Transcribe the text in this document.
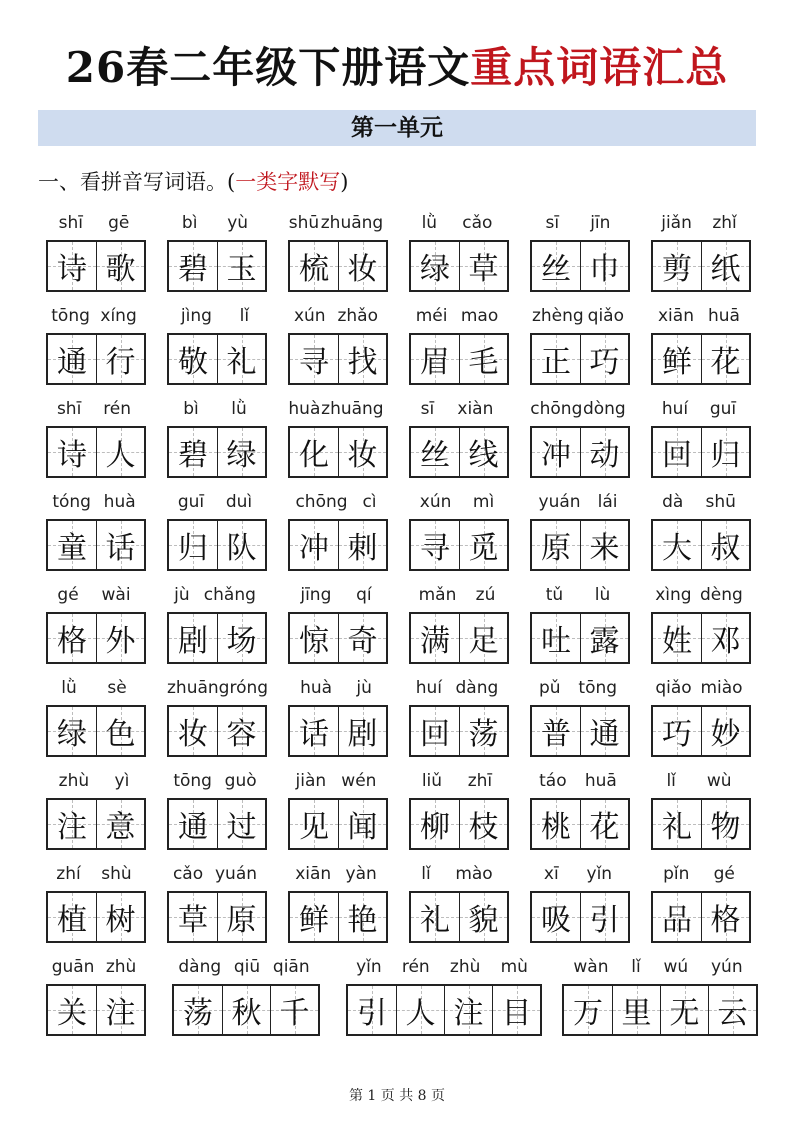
26春二年级下册语文重点词语汇总
第一单元
一、看拼音写词语。(一类字默写)
shī gē
诗 歌
bì yù
碧 玉
shū zhuāng
梳 妆
lǜ cǎo
绿 草
sī jīn
丝 巾
jiǎn zhǐ
剪 纸
tōng xíng
通 行
jìng lǐ
敬 礼
xún zhǎo
寻 找
méi mao
眉 毛
zhèng qiǎo
正 巧
xiān huā
鲜 花
shī rén
诗 人
bì lǜ
碧 绿
huà zhuāng
化 妆
sī xiàn
丝 线
chōng dòng
冲 动
huí guī
回 归
tóng huà
童 话
guī duì
归 队
chōng cì
冲 刺
xún mì
寻 觅
yuán lái
原 来
dà shū
大 叔
gé wài
格 外
jù chǎng
剧 场
jīng qí
惊 奇
mǎn zú
满 足
tǔ lù
吐 露
xìng dèng
姓 邓
lǜ sè
绿 色
zhuāng róng
妆 容
huà jù
话 剧
huí dàng
回 荡
pǔ tōng
普 通
qiǎo miào
巧 妙
zhù yì
注 意
tōng guò
通 过
jiàn wén
见 闻
liǔ zhī
柳 枝
táo huā
桃 花
lǐ wù
礼 物
zhí shù
植 树
cǎo yuán
草 原
xiān yàn
鲜 艳
lǐ mào
礼 貌
xī yǐn
吸 引
pǐn gé
品 格
guān zhù
关 注
dàng qiū qiān
荡 秋 千
yǐn rén zhù mù
引 人 注 目
wàn lǐ wú yún
万 里 无 云
第 1 页 共 8 页
